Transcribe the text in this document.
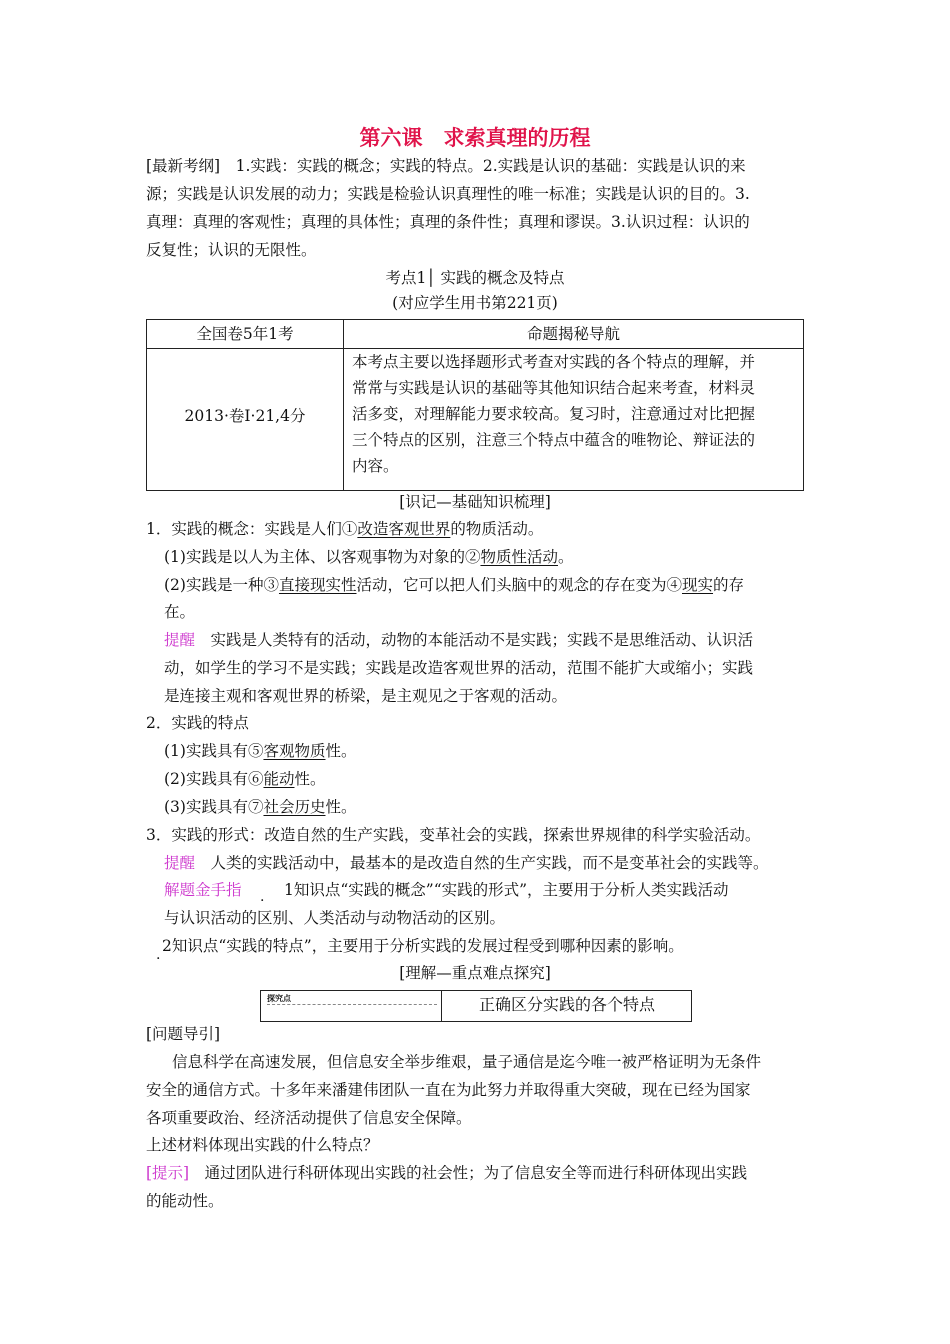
第六课　求索真理的历程
[最新考纲]　1.实践：实践的概念；实践的特点。2.实践是认识的基础：实践是认识的来
源；实践是认识发展的动力；实践是检验认识真理性的唯一标准；实践是认识的目的。3.
真理：真理的客观性；真理的具体性；真理的条件性；真理和谬误。3.认识过程：认识的
反复性；认识的无限性。
考点1│ 实践的概念及特点
(对应学生用书第221页)
全国卷5年1考	命题揭秘导航
2013·卷Ⅰ·21,4分
本考点主要以选择题形式考查对实践的各个特点的理解，并
常常与实践是认识的基础等其他知识结合起来考查，材料灵
活多变，对理解能力要求较高。复习时，注意通过对比把握
三个特点的区别，注意三个特点中蕴含的唯物论、辩证法的
内容。
[识记—基础知识梳理]
1．实践的概念：实践是人们①改造客观世界的物质活动。
(1)实践是以人为主体、以客观事物为对象的②物质性活动。
(2)实践是一种③直接现实性活动，它可以把人们头脑中的观念的存在变为④现实的存
在。
提醒　 实践是人类特有的活动，动物的本能活动不是实践；实践不是思维活动、认识活
动，如学生的学习不是实践；实践是改造客观世界的活动，范围不能扩大或缩小；实践
是连接主观和客观世界的桥梁，是主观见之于客观的活动。
2．实践的特点
(1)实践具有⑤客观物质性。
(2)实践具有⑥能动性。
(3)实践具有⑦社会历史性。
3．实践的形式：改造自然的生产实践，变革社会的实践，探索世界规律的科学实验活动。
提醒　 人类的实践活动中，最基本的是改造自然的生产实践，而不是变革社会的实践等。
解题金手指 . 1知识点“实践的概念”“实践的形式”，主要用于分析人类实践活动
与认识活动的区别、人类活动与动物活动的区别。
. 2知识点“实践的特点”，主要用于分析实践的发展过程受到哪种因素的影响。
[理解—重点难点探究]
探究点	正确区分实践的各个特点
[问题导引]
信息科学在高速发展，但信息安全举步维艰，量子通信是迄今唯一被严格证明为无条件
安全的通信方式。十多年来潘建伟团队一直在为此努力并取得重大突破，现在已经为国家
各项重要政治、经济活动提供了信息安全保障。
上述材料体现出实践的什么特点？
[提示]　 通过团队进行科研体现出实践的社会性；为了信息安全等而进行科研体现出实践
的能动性。
